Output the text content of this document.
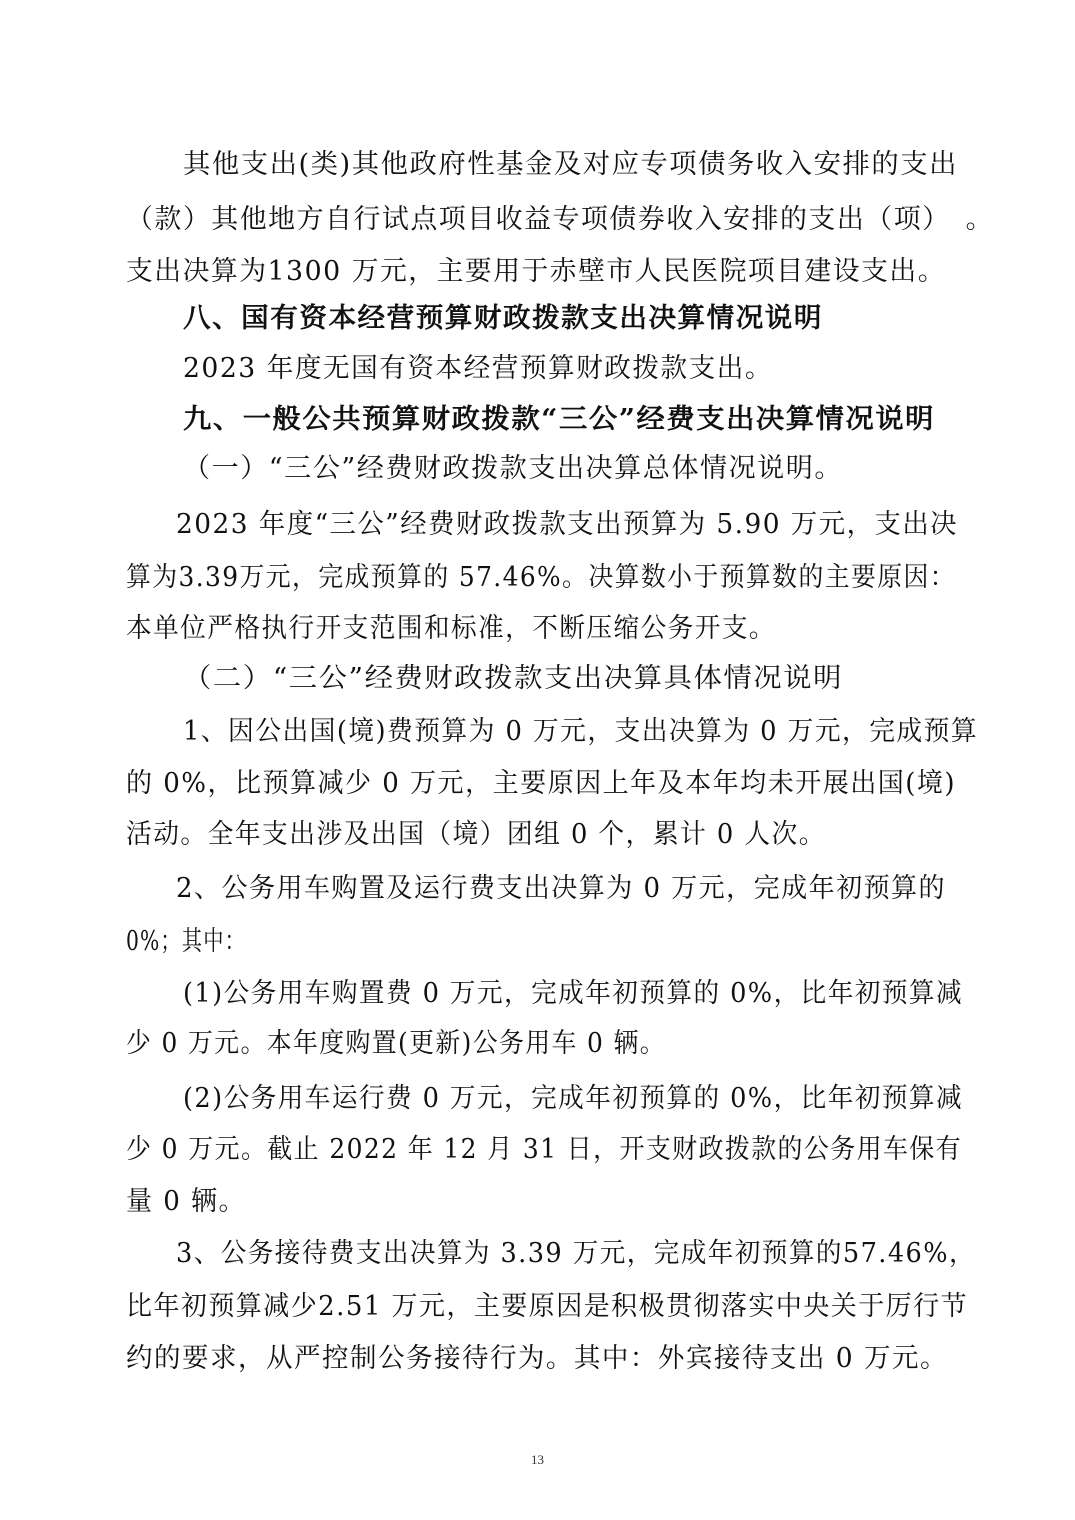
其他支出(类)其他政府性基金及对应专项债务收入安排的支出

（款）其他地方自行试点项目收益专项债券收入安排的支出（项）　。

支出决算为1300 万元，主要用于赤壁市人民医院项目建设支出。

八、国有资本经营预算财政拨款支出决算情况说明

2023 年度无国有资本经营预算财政拨款支出。

九、一般公共预算财政拨款“三公”经费支出决算情况说明

（一）“三公”经费财政拨款支出决算总体情况说明。

2023 年度“三公”经费财政拨款支出预算为 5.90 万元，支出决

算为3.39万元，完成预算的 57.46%。决算数小于预算数的主要原因：

本单位严格执行开支范围和标准，不断压缩公务开支。

（二）“三公”经费财政拨款支出决算具体情况说明

1、因公出国(境)费预算为 0 万元，支出决算为 0 万元，完成预算

的 0%，比预算减少 0 万元，主要原因上年及本年均未开展出国(境)

活动。全年支出涉及出国（境）团组 0 个，累计 0 人次。

2、公务用车购置及运行费支出决算为 0 万元，完成年初预算的

0%；其中：

(1)公务用车购置费 0 万元，完成年初预算的 0%，比年初预算减

少 0 万元。本年度购置(更新)公务用车 0 辆。

(2)公务用车运行费 0 万元，完成年初预算的 0%，比年初预算减

少 0 万元。截止 2022 年 12 月 31 日，开支财政拨款的公务用车保有

量 0 辆。

3、公务接待费支出决算为 3.39 万元，完成年初预算的57.46%，

比年初预算减少2.51 万元，主要原因是积极贯彻落实中央关于厉行节

约的要求，从严控制公务接待行为。其中：外宾接待支出 0 万元。

13
